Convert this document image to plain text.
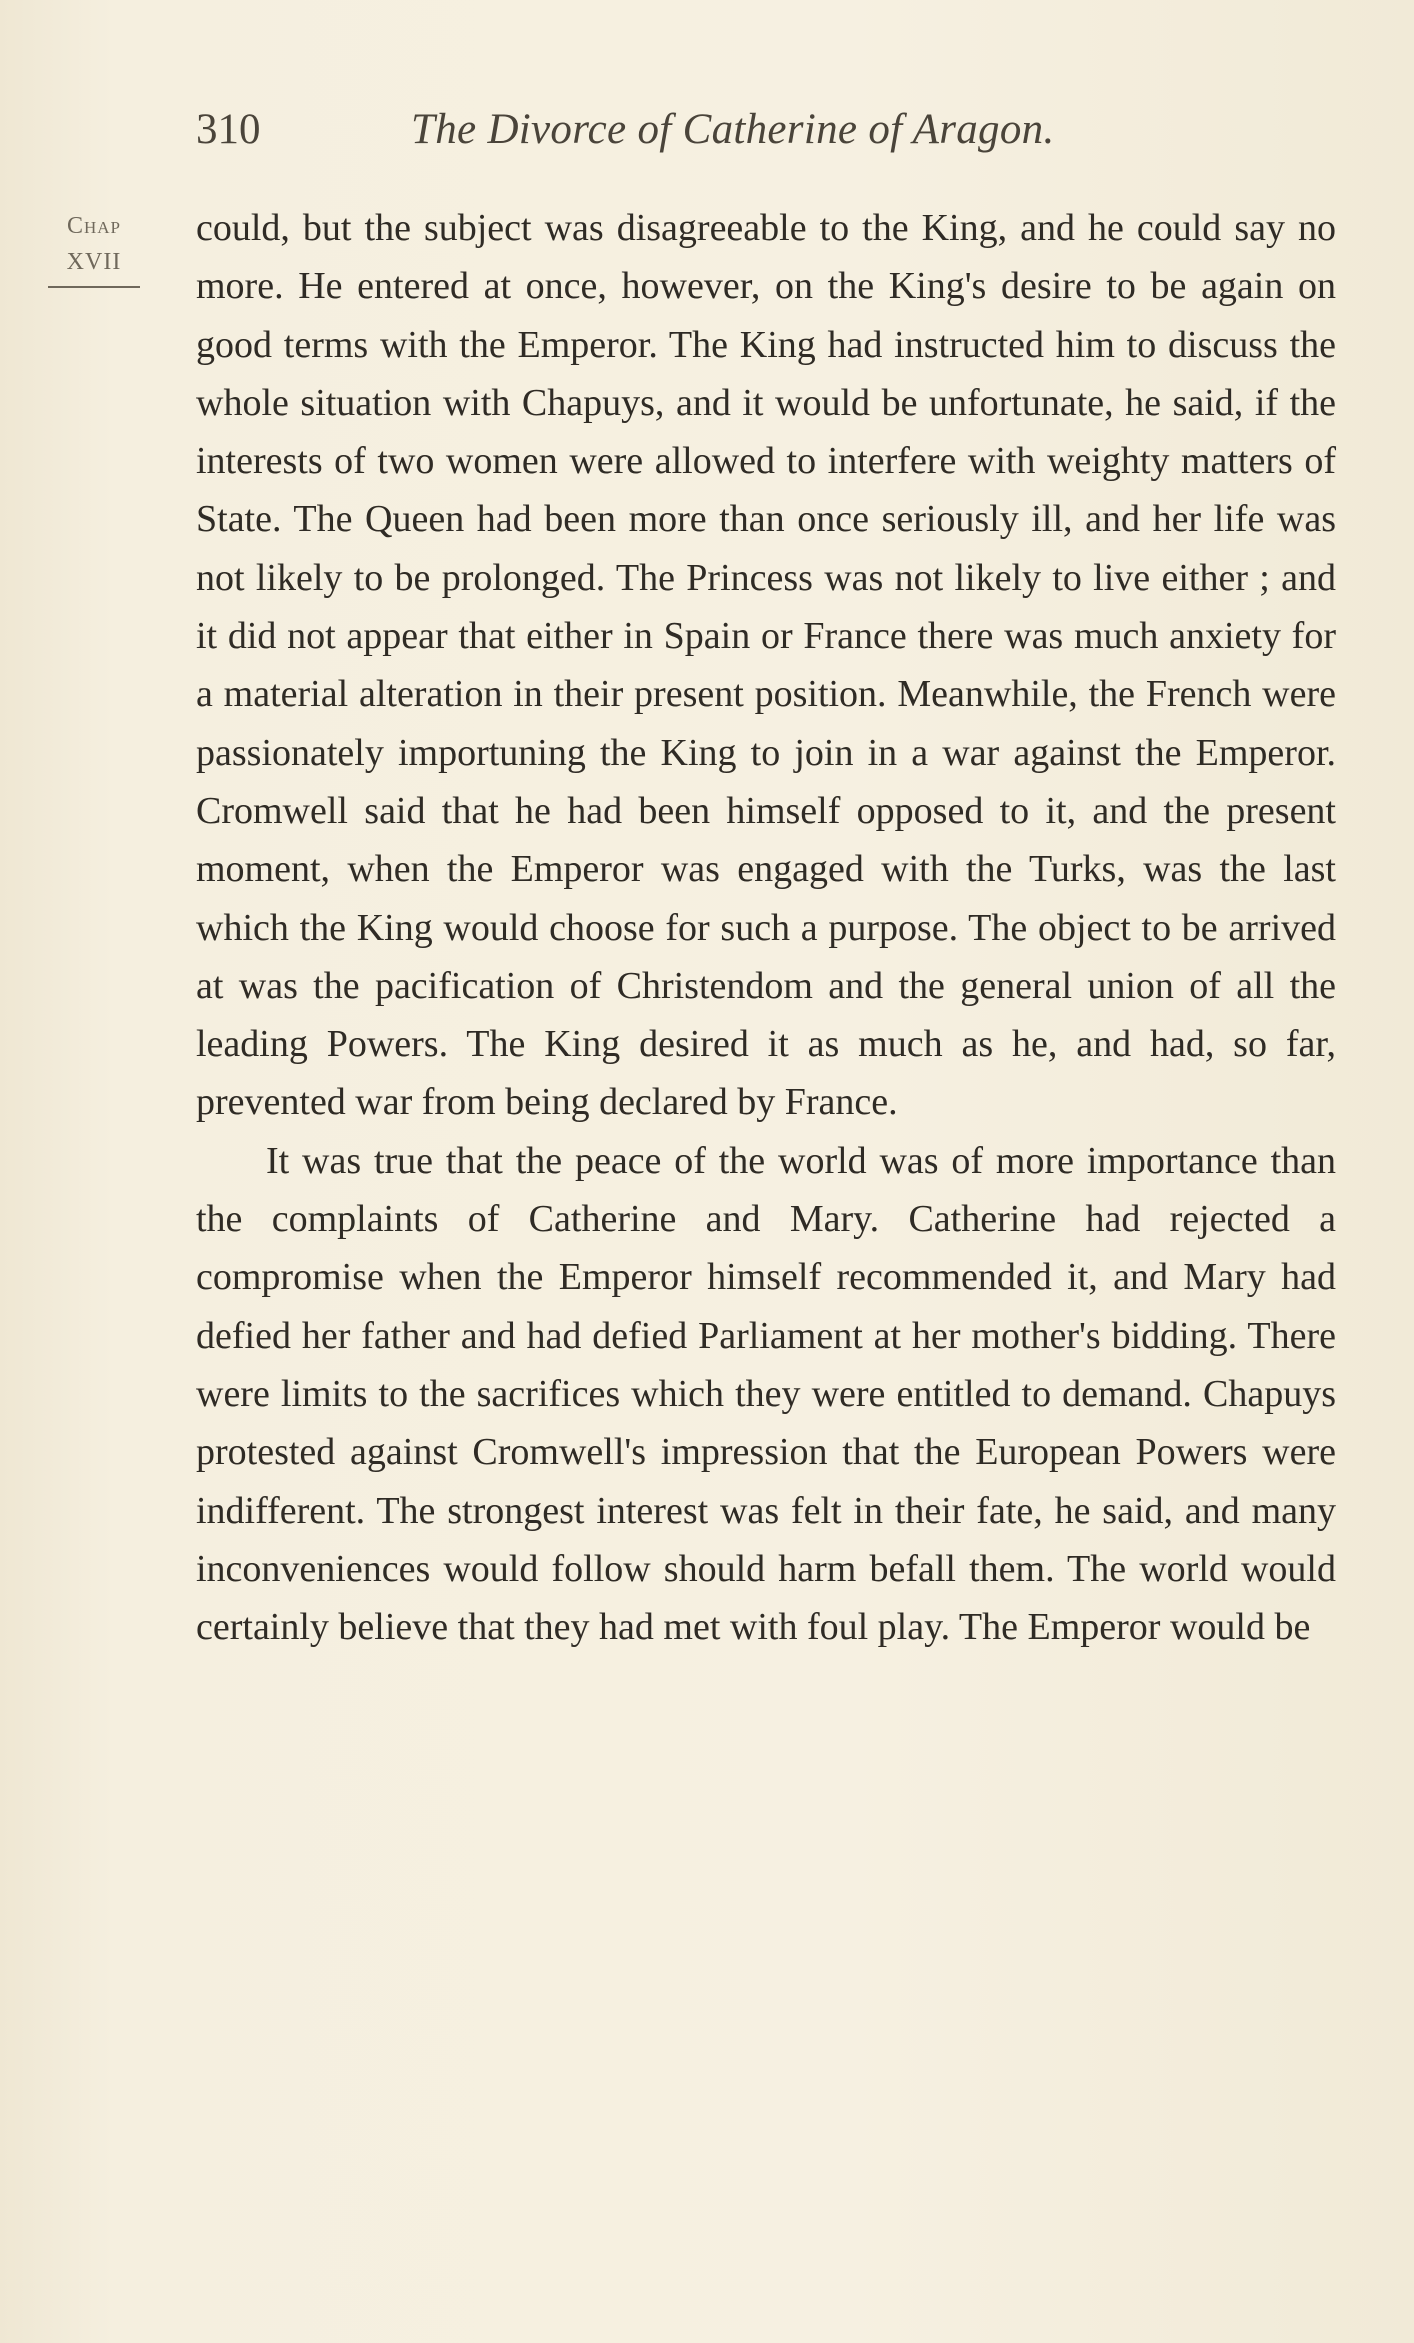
310	The Divorce of Catherine of Aragon.
Chap
XVII

could, but the subject was disagreeable to the King, and he could say no more. He entered at once, however, on the King's desire to be again on good terms with the Emperor. The King had instructed him to discuss the whole situation with Chapuys, and it would be unfortunate, he said, if the interests of two women were allowed to interfere with weighty matters of State. The Queen had been more than once seriously ill, and her life was not likely to be prolonged. The Princess was not likely to live either ; and it did not appear that either in Spain or France there was much anxiety for a material alteration in their present position. Meanwhile, the French were passionately importuning the King to join in a war against the Emperor. Cromwell said that he had been himself opposed to it, and the present moment, when the Emperor was engaged with the Turks, was the last which the King would choose for such a purpose. The object to be arrived at was the pacification of Christendom and the general union of all the leading Powers. The King desired it as much as he, and had, so far, prevented war from being declared by France.

It was true that the peace of the world was of more importance than the complaints of Catherine and Mary. Catherine had rejected a compromise when the Emperor himself recommended it, and Mary had defied her father and had defied Parliament at her mother's bidding. There were limits to the sacrifices which they were entitled to demand. Chapuys protested against Cromwell's impression that the European Powers were indifferent. The strongest interest was felt in their fate, he said, and many inconveniences would follow should harm befall them. The world would certainly believe that they had met with foul play. The Emperor would be
